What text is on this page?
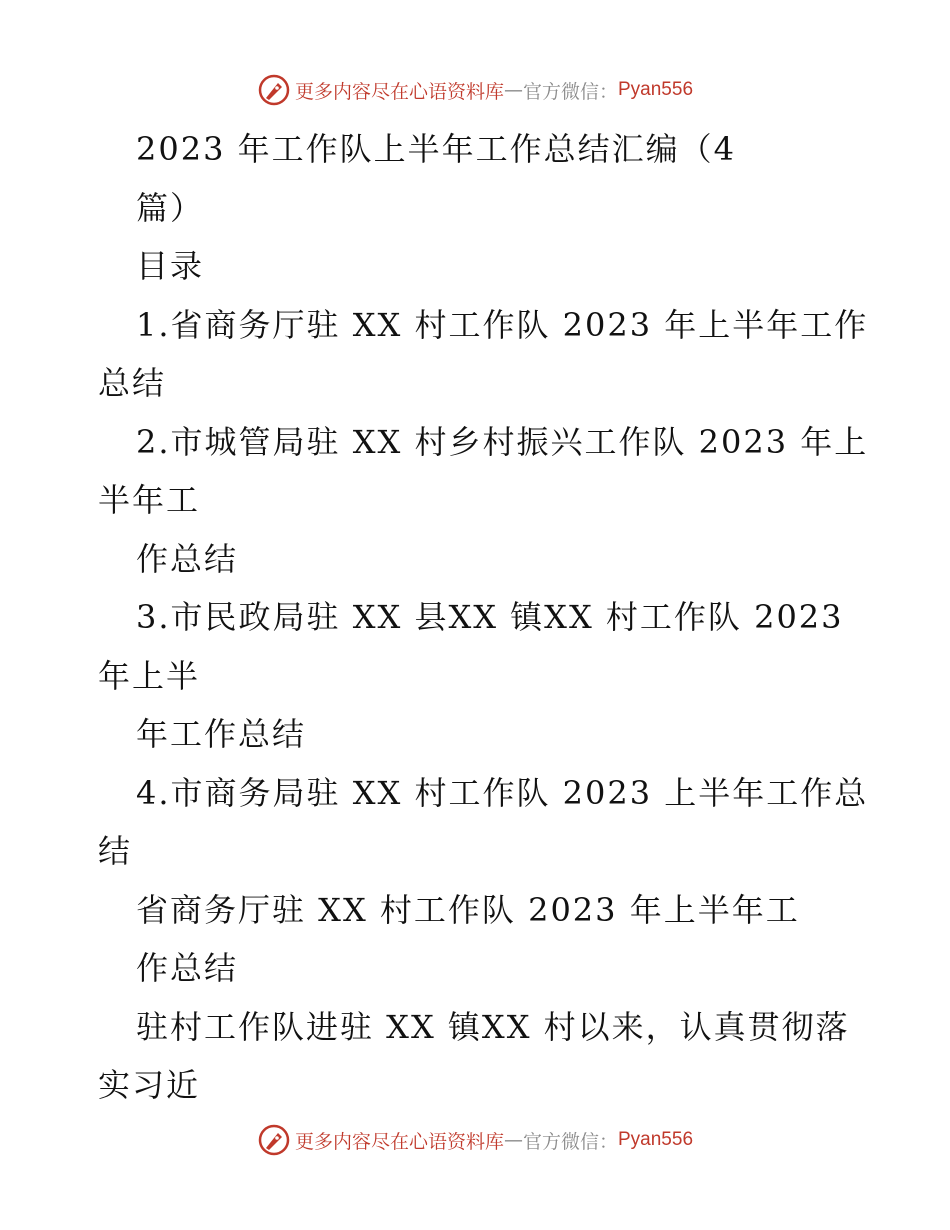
更多内容尽在心语资料库 — 官方微信： Pyan556
2023 年工作队上半年工作总结汇编（4
篇）
目录
1.省商务厅驻 XX 村工作队 2023 年上半年工作
总结
2.市城管局驻 XX 村乡村振兴工作队 2023 年上
半年工
作总结
3.市民政局驻 XX 县XX 镇XX 村工作队 2023
年上半
年工作总结
4.市商务局驻 XX 村工作队 2023 上半年工作总
结
省商务厅驻 XX 村工作队 2023 年上半年工
作总结
驻村工作队进驻 XX 镇XX 村以来，认真贯彻落
实习近
更多内容尽在心语资料库 — 官方微信： Pyan556
